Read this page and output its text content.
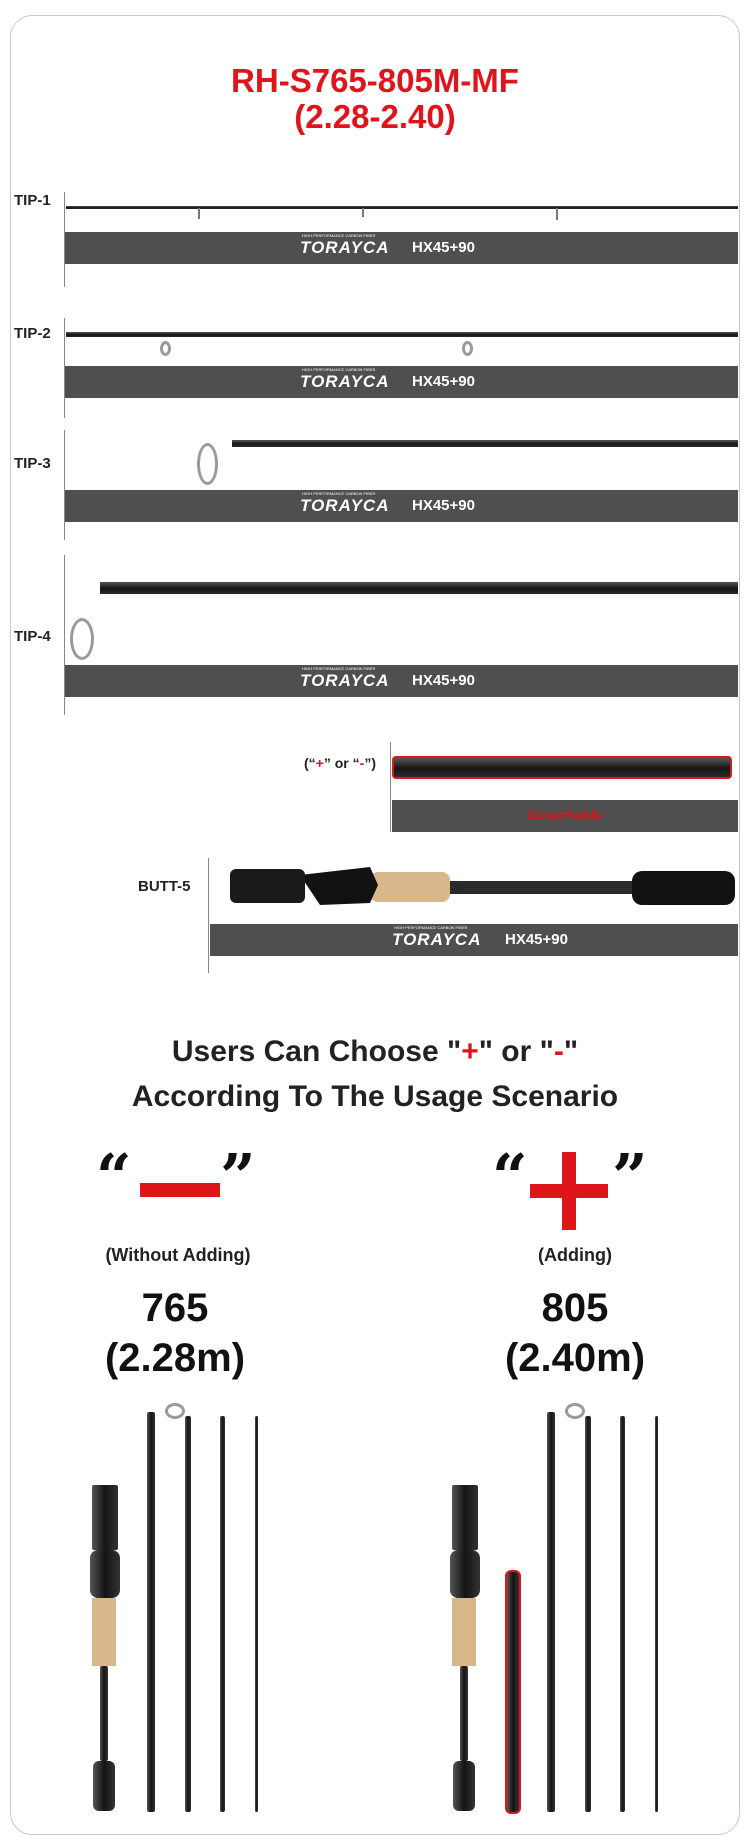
RH-S765-805M-MF
(2.28-2.40)
TIP-1
HIGH PERFORMANCE CARBON FIBER
TORAYCA HX45+90
TIP-2
HIGH PERFORMANCE CARBON FIBER
TORAYCA HX45+90
TIP-3
HIGH PERFORMANCE CARBON FIBER
TORAYCA HX45+90
TIP-4
HIGH PERFORMANCE CARBON FIBER
TORAYCA HX45+90
(“+” or “-”)
Detachable
BUTT-5
HIGH PERFORMANCE CARBON FIBER
TORAYCA HX45+90
Users Can Choose "+" or "-"
According To The Usage Scenario
“ ”
(Without Adding)
765
(2.28m)
“ ”
(Adding)
805
(2.40m)
